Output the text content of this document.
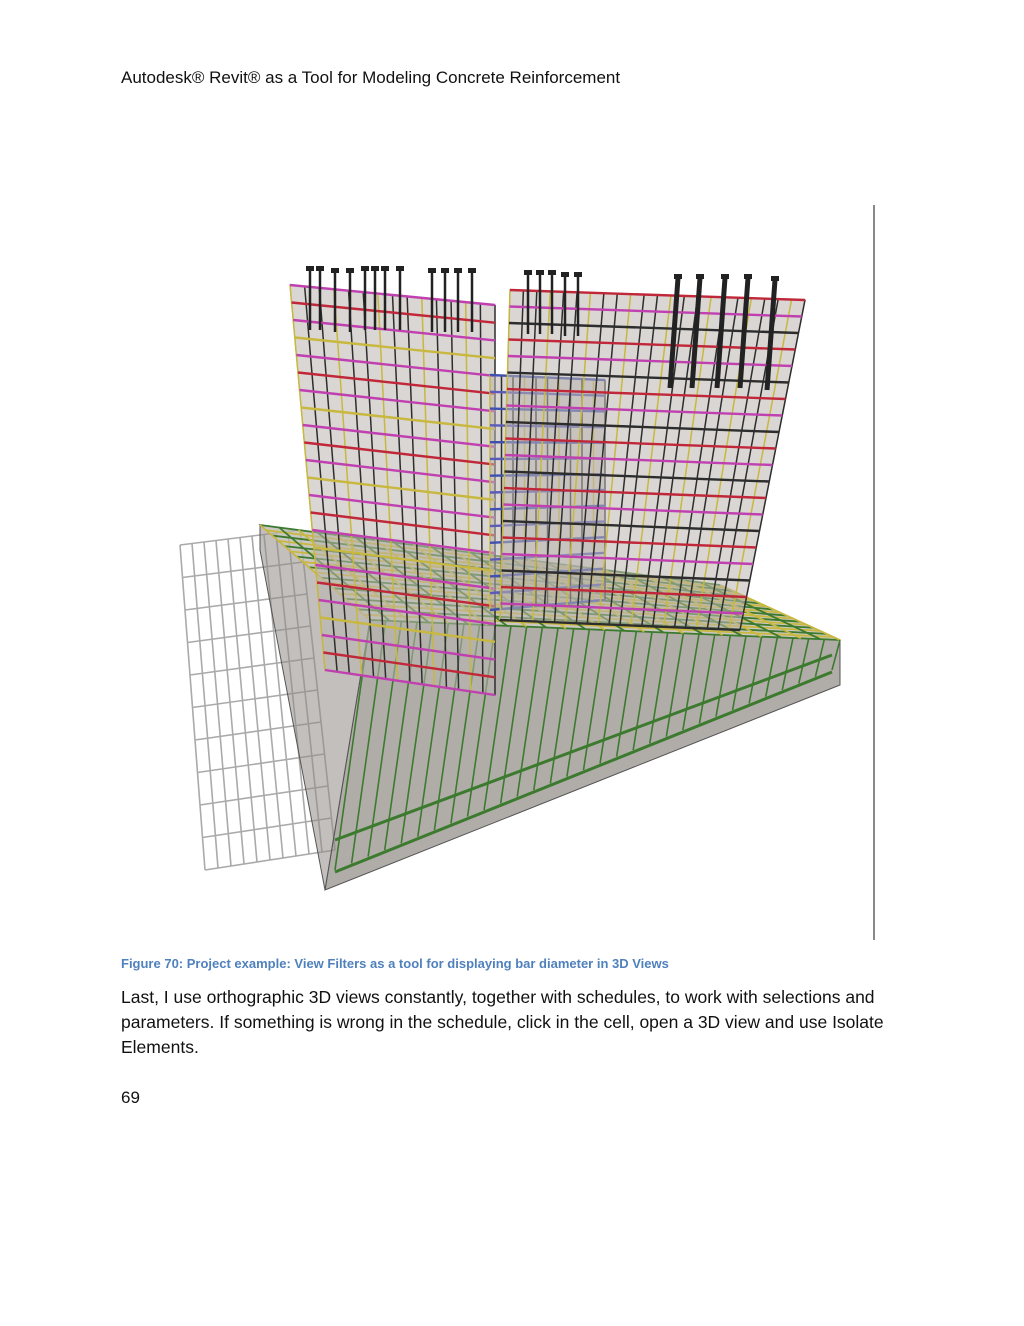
Autodesk® Revit® as a Tool for Modeling Concrete Reinforcement
Figure 70: Project example: View Filters as a tool for displaying bar diameter in 3D Views
Last, I use orthographic 3D views constantly, together with schedules, to work with selections and parameters. If something is wrong in the schedule, click in the cell, open a 3D view and use Isolate Elements.
69
